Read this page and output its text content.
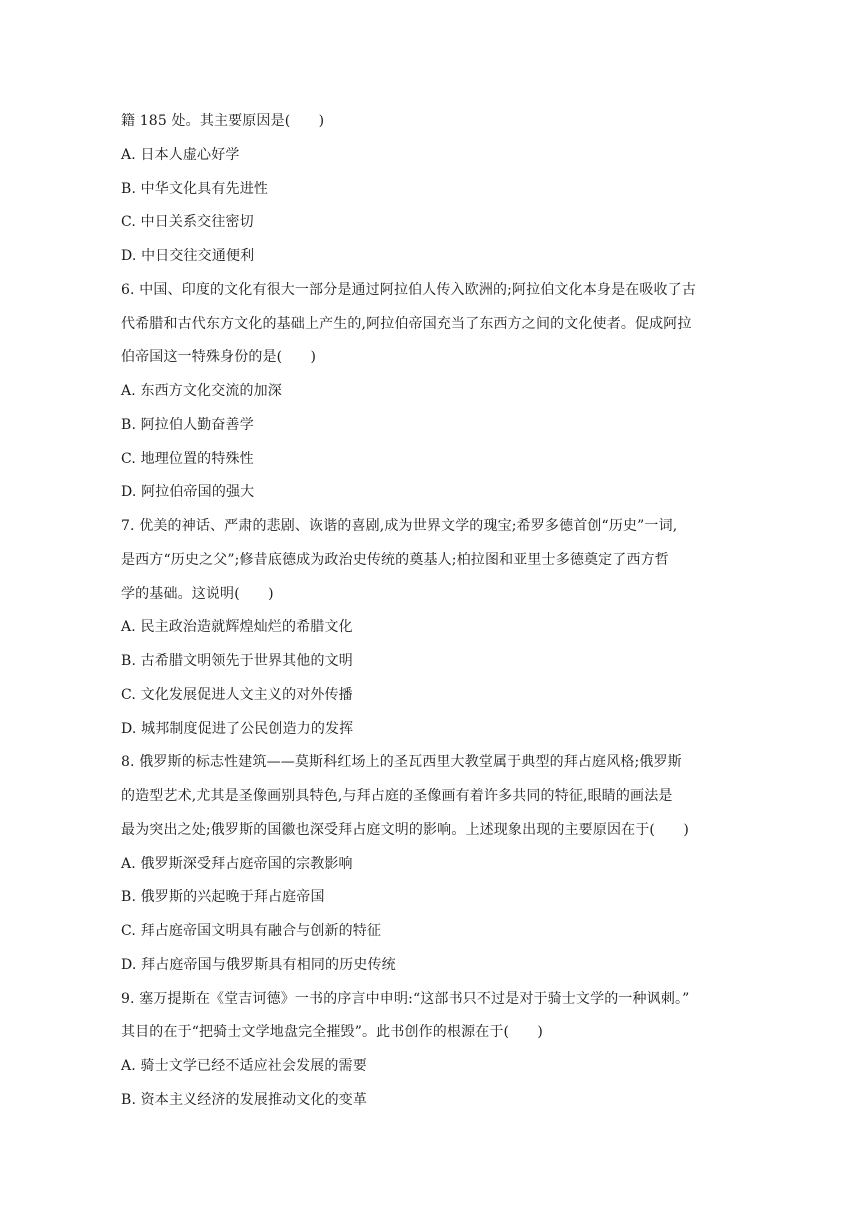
籍 185 处。其主要原因是(　　)
A. 日本人虚心好学
B. 中华文化具有先进性
C. 中日关系交往密切
D. 中日交往交通便利
6. 中国、印度的文化有很大一部分是通过阿拉伯人传入欧洲的;阿拉伯文化本身是在吸收了古
代希腊和古代东方文化的基础上产生的,阿拉伯帝国充当了东西方之间的文化使者。促成阿拉
伯帝国这一特殊身份的是(　　)
A. 东西方文化交流的加深
B. 阿拉伯人勤奋善学
C. 地理位置的特殊性
D. 阿拉伯帝国的强大
7. 优美的神话、严肃的悲剧、诙谐的喜剧,成为世界文学的瑰宝;希罗多德首创“历史”一词,
是西方“历史之父”;修昔底德成为政治史传统的奠基人;柏拉图和亚里士多德奠定了西方哲
学的基础。这说明(　　)
A. 民主政治造就辉煌灿烂的希腊文化
B. 古希腊文明领先于世界其他的文明
C. 文化发展促进人文主义的对外传播
D. 城邦制度促进了公民创造力的发挥
8. 俄罗斯的标志性建筑——莫斯科红场上的圣瓦西里大教堂属于典型的拜占庭风格;俄罗斯
的造型艺术,尤其是圣像画别具特色,与拜占庭的圣像画有着许多共同的特征,眼睛的画法是
最为突出之处;俄罗斯的国徽也深受拜占庭文明的影响。上述现象出现的主要原因在于(　　)
A. 俄罗斯深受拜占庭帝国的宗教影响
B. 俄罗斯的兴起晚于拜占庭帝国
C. 拜占庭帝国文明具有融合与创新的特征
D. 拜占庭帝国与俄罗斯具有相同的历史传统
9. 塞万提斯在《堂吉诃德》一书的序言中申明:“这部书只不过是对于骑士文学的一种讽刺。”
其目的在于“把骑士文学地盘完全摧毁”。此书创作的根源在于(　　)
A. 骑士文学已经不适应社会发展的需要
B. 资本主义经济的发展推动文化的变革
